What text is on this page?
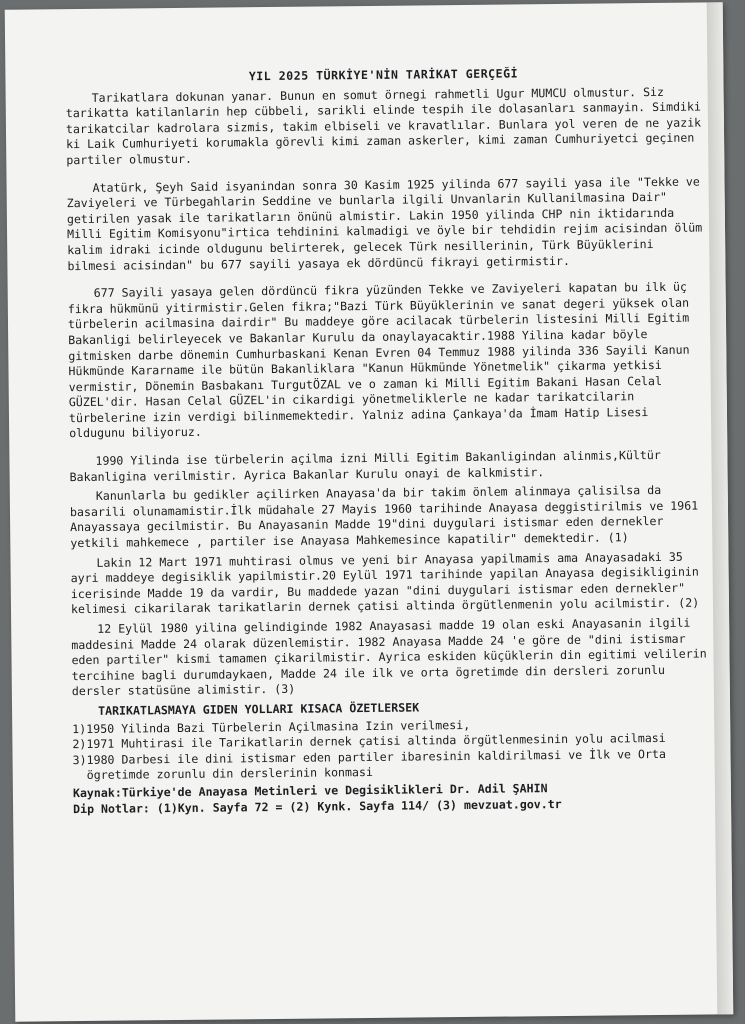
YIL 2025 TÜRKİYE'NİN TARİKAT GERÇEĞİ

Tarikatlara dokunan yanar. Bunun en somut örnegi rahmetli Ugur MUMCU olmustur. Siz tarikatta katilanlarin hep cübbeli, sarikli elinde tespih ile dolasanları sanmayin. Simdiki tarikatcilar kadrolara sizmis, takim elbiseli ve kravatlılar. Bunlara yol veren de ne yazik ki Laik Cumhuriyeti korumakla görevli kimi zaman askerler, kimi zaman Cumhuriyetci geçinen partiler olmustur.

Atatürk, Şeyh Said isyanindan sonra 30 Kasim 1925 yilinda 677 sayili yasa ile "Tekke ve Zaviyeleri ve Türbegahlarin Seddine ve bunlarla ilgili Unvanlarin Kullanilmasina Dair" getirilen yasak ile tarikatların önünü almistir. Lakin 1950 yilinda CHP nin iktidarında Milli Egitim Komisyonu"irtica tehdinini kalmadigi ve öyle bir tehdidin rejim acisindan ölüm kalim idraki icinde oldugunu belirterek, gelecek Türk nesillerinin, Türk Büyüklerini bilmesi acisindan" bu 677 sayili yasaya ek dördüncü fikrayi getirmistir.

677 Sayili yasaya gelen dördüncü fikra yüzünden Tekke ve Zaviyeleri kapatan bu ilk üç fikra hükmünü yitirmistir.Gelen fikra;"Bazi Türk Büyüklerinin ve sanat degeri yüksek olan türbelerin acilmasina dairdir" Bu maddeye göre acilacak türbelerin listesini Milli Egitim Bakanligi belirleyecek ve Bakanlar Kurulu da onaylayacaktir.1988 Yilina kadar böyle gitmisken darbe dönemin Cumhurbaskani Kenan Evren 04 Temmuz 1988 yilinda 336 Sayili Kanun Hükmünde Kararname ile bütün Bakanliklara "Kanun Hükmünde Yönetmelik" çikarma yetkisi vermistir, Dönemin Basbakanı TurgutÖZAL ve o zaman ki Milli Egitim Bakani Hasan Celal GÜZEL'dir. Hasan Celal GÜZEL'in cikardigi yönetmeliklerle ne kadar tarikatcilarin türbelerine izin verdigi bilinmemektedir. Yalniz adina Çankaya'da İmam Hatip Lisesi oldugunu biliyoruz.

1990 Yilinda ise türbelerin açilma izni Milli Egitim Bakanligindan alinmis,Kültür Bakanligina verilmistir. Ayrica Bakanlar Kurulu onayi de kalkmistir.

Kanunlarla bu gedikler açilirken Anayasa'da bir takim önlem alinmaya çalisilsa da basarili olunamamistir.İlk müdahale 27 Mayis 1960 tarihinde Anayasa deggistirilmis ve 1961 Anayassaya gecilmistir. Bu Anayasanin Madde 19"dini duygulari istismar eden dernekler yetkili mahkemece , partiler ise Anayasa Mahkemesince kapatilir" demektedir. (1)

Lakin 12 Mart 1971 muhtirasi olmus ve yeni bir Anayasa yapilmamis ama Anayasadaki 35 ayri maddeye degisiklik yapilmistir.20 Eylül 1971 tarihinde yapilan Anayasa degisikliginin icerisinde Madde 19 da vardir, Bu maddede yazan "dini duygulari istismar eden dernekler" kelimesi cikarilarak tarikatlarin dernek çatisi altinda örgütlenmenin yolu acilmistir. (2)

12 Eylül 1980 yilina gelindiginde 1982 Anayasasi madde 19 olan eski Anayasanin ilgili maddesini Madde 24 olarak düzenlemistir. 1982 Anayasa Madde 24 'e göre de "dini istismar eden partiler" kismi tamamen çikarilmistir. Ayrica eskiden küçüklerin din egitimi velilerin tercihine bagli durumdaykaen, Madde 24 ile ilk ve orta ögretimde din dersleri zorunlu dersler statüsüne alimistir. (3)

TARIKATLASMAYA GIDEN YOLLARI KISACA ÖZETLERSEK
1) 1950 Yilinda Bazi Türbelerin Açilmasina Izin verilmesi,
2) 1971 Muhtirasi ile Tarikatlarin dernek çatisi altinda örgütlenmesinin yolu acilmasi
3) 1980 Darbesi ile dini istismar eden partiler ibaresinin kaldirilmasi ve İlk ve Orta ögretimde zorunlu din derslerinin konmasi

Kaynak:Türkiye'de Anayasa Metinleri ve Degisiklikleri Dr. Adil ŞAHIN

Dip Notlar: (1)Kyn. Sayfa 72 = (2) Kynk. Sayfa 114/ (3) mevzuat.gov.tr
